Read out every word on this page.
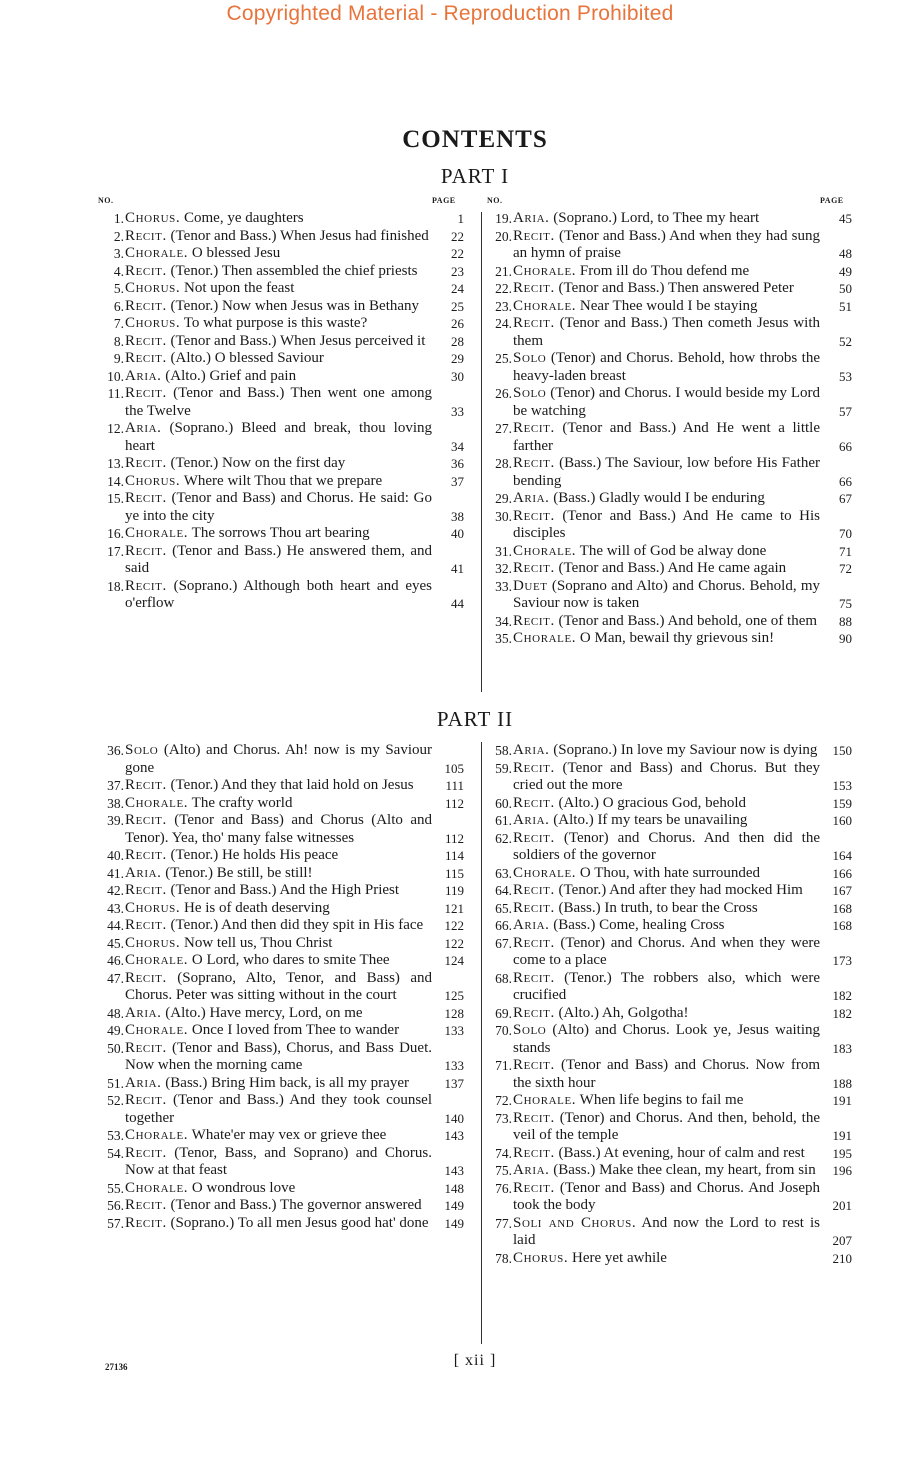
Copyrighted Material - Reproduction Prohibited
CONTENTS
PART I
NO.	PAGE	NO.	PAGE
1. Chorus. Come, ye daughters	1
2. Recit. (Tenor and Bass.) When Jesus had finished	22
3. Chorale. O blessed Jesu	22
4. Recit. (Tenor.) Then assembled the chief priests	23
5. Chorus. Not upon the feast	24
6. Recit. (Tenor.) Now when Jesus was in Bethany	25
7. Chorus. To what purpose is this waste?	26
8. Recit. (Tenor and Bass.) When Jesus perceived it	28
9. Recit. (Alto.) O blessed Saviour	29
10. Aria. (Alto.) Grief and pain	30
11. Recit. (Tenor and Bass.) Then went one among the Twelve	33
12. Aria. (Soprano.) Bleed and break, thou loving heart	34
13. Recit. (Tenor.) Now on the first day	36
14. Chorus. Where wilt Thou that we prepare	37
15. Recit. (Tenor and Bass) and Chorus. He said: Go ye into the city	38
16. Chorale. The sorrows Thou art bearing	40
17. Recit. (Tenor and Bass.) He answered them, and said	41
18. Recit. (Soprano.) Although both heart and eyes o'erflow	44
19. Aria. (Soprano.) Lord, to Thee my heart	45
20. Recit. (Tenor and Bass.) And when they had sung an hymn of praise	48
21. Chorale. From ill do Thou defend me	49
22. Recit. (Tenor and Bass.) Then answered Peter	50
23. Chorale. Near Thee would I be staying	51
24. Recit. (Tenor and Bass.) Then cometh Jesus with them	52
25. Solo (Tenor) and Chorus. Behold, how throbs the heavy-laden breast	53
26. Solo (Tenor) and Chorus. I would beside my Lord be watching	57
27. Recit. (Tenor and Bass.) And He went a little farther	66
28. Recit. (Bass.) The Saviour, low before His Father bending	66
29. Aria. (Bass.) Gladly would I be enduring	67
30. Recit. (Tenor and Bass.) And He came to His disciples	70
31. Chorale. The will of God be alway done	71
32. Recit. (Tenor and Bass.) And He came again	72
33. Duet (Soprano and Alto) and Chorus. Behold, my Saviour now is taken	75
34. Recit. (Tenor and Bass.) And behold, one of them	88
35. Chorale. O Man, bewail thy grievous sin!	90
PART II
36. Solo (Alto) and Chorus. Ah! now is my Saviour gone	105
37. Recit. (Tenor.) And they that laid hold on Jesus	111
38. Chorale. The crafty world	112
39. Recit. (Tenor and Bass) and Chorus (Alto and Tenor). Yea, tho' many false witnesses	112
40. Recit. (Tenor.) He holds His peace	114
41. Aria. (Tenor.) Be still, be still!	115
42. Recit. (Tenor and Bass.) And the High Priest	119
43. Chorus. He is of death deserving	121
44. Recit. (Tenor.) And then did they spit in His face	122
45. Chorus. Now tell us, Thou Christ	122
46. Chorale. O Lord, who dares to smite Thee	124
47. Recit. (Soprano, Alto, Tenor, and Bass) and Chorus. Peter was sitting without in the court	125
48. Aria. (Alto.) Have mercy, Lord, on me	128
49. Chorale. Once I loved from Thee to wander	133
50. Recit. (Tenor and Bass), Chorus, and Bass Duet. Now when the morning came	133
51. Aria. (Bass.) Bring Him back, is all my prayer	137
52. Recit. (Tenor and Bass.) And they took counsel together	140
53. Chorale. Whate'er may vex or grieve thee	143
54. Recit. (Tenor, Bass, and Soprano) and Chorus. Now at that feast	143
55. Chorale. O wondrous love	148
56. Recit. (Tenor and Bass.) The governor answered	149
57. Recit. (Soprano.) To all men Jesus good hat' done	149
58. Aria. (Soprano.) In love my Saviour now is dying	150
59. Recit. (Tenor and Bass) and Chorus. But they cried out the more	153
60. Recit. (Alto.) O gracious God, behold	159
61. Aria. (Alto.) If my tears be unavailing	160
62. Recit. (Tenor) and Chorus. And then did the soldiers of the governor	164
63. Chorale. O Thou, with hate surrounded	166
64. Recit. (Tenor.) And after they had mocked Him	167
65. Recit. (Bass.) In truth, to bear the Cross	168
66. Aria. (Bass.) Come, healing Cross	168
67. Recit. (Tenor) and Chorus. And when they were come to a place	173
68. Recit. (Tenor.) The robbers also, which were crucified	182
69. Recit. (Alto.) Ah, Golgotha!	182
70. Solo (Alto) and Chorus. Look ye, Jesus waiting stands	183
71. Recit. (Tenor and Bass) and Chorus. Now from the sixth hour	188
72. Chorale. When life begins to fail me	191
73. Recit. (Tenor) and Chorus. And then, behold, the veil of the temple	191
74. Recit. (Bass.) At evening, hour of calm and rest	195
75. Aria. (Bass.) Make thee clean, my heart, from sin	196
76. Recit. (Tenor and Bass) and Chorus. And Joseph took the body	201
77. Soli and Chorus. And now the Lord to rest is laid	207
78. Chorus. Here yet awhile	210
27136	[ xii ]
